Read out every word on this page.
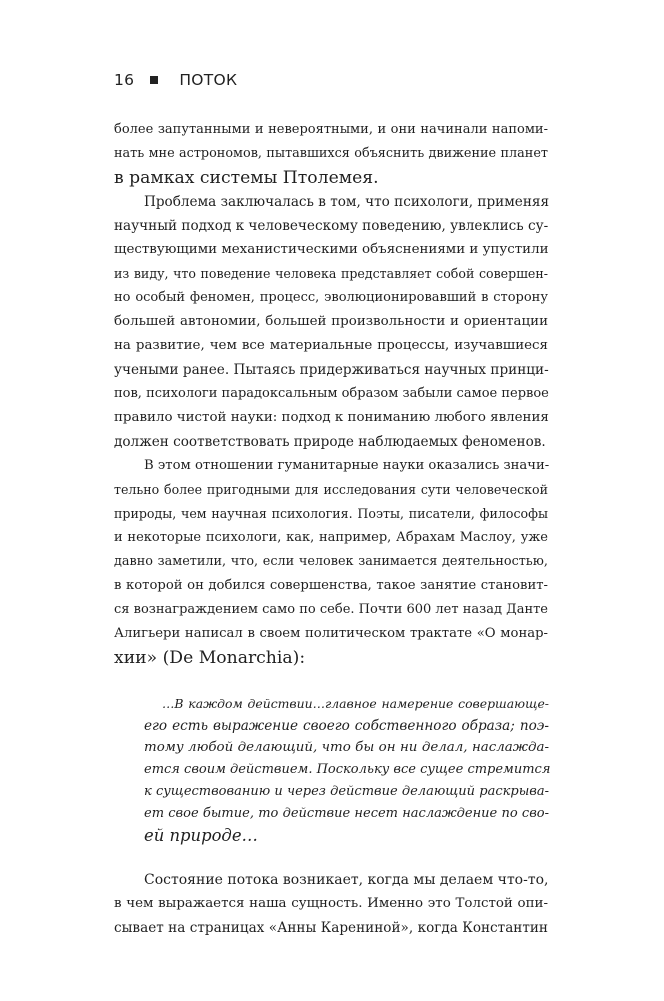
16	ПОТОК
более запутанными и невероятными, и они начинали напоми-
нать мне астрономов, пытавшихся объяснить движение планет
в рамках системы Птолемея.
Проблема заключалась в том, что психологи, применяя
научный подход к человеческому поведению, увлеклись су-
ществующими механистическими объяснениями и упустили
из виду, что поведение человека представляет собой совершен-
но особый феномен, процесс, эволюционировавший в сторону
большей автономии, большей произвольности и ориентации
на развитие, чем все материальные процессы, изучавшиеся
учеными ранее. Пытаясь придерживаться научных принци-
пов, психологи парадоксальным образом забыли самое первое
правило чистой науки: подход к пониманию любого явления
должен соответствовать природе наблюдаемых феноменов.
В этом отношении гуманитарные науки оказались значи-
тельно более пригодными для исследования сути человеческой
природы, чем научная психология. Поэты, писатели, философы
и некоторые психологи, как, например, Абрахам Маслоу, уже
давно заметили, что, если человек занимается деятельностью,
в которой он добился совершенства, такое занятие становит-
ся вознаграждением само по себе. Почти 600 лет назад Данте
Алигьери написал в своем политическом трактате «О монар-
хии» (De Monarchia):
…В каждом действии…главное намерение совершающе-
его есть выражение своего собственного образа; поэ-
тому любой делающий, что бы он ни делал, наслажда-
ется своим действием. Поскольку все сущее стремится
к существованию и через действие делающий раскрыва-
ет свое бытие, то действие несет наслаждение по сво-
ей природе…
Состояние потока возникает, когда мы делаем что-то,
в чем выражается наша сущность. Именно это Толстой опи-
сывает на страницах «Анны Карениной», когда Константин
